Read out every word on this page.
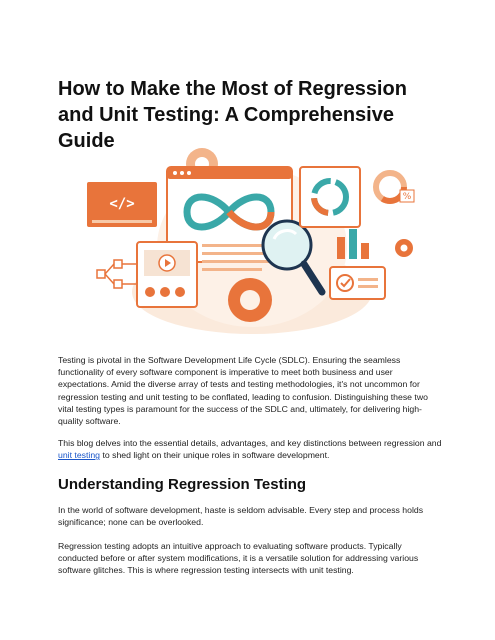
How to Make the Most of Regression and Unit Testing: A Comprehensive Guide
</>	%

Testing is pivotal in the Software Development Life Cycle (SDLC). Ensuring the seamless functionality of every software component is imperative to meet both business and user expectations. Amid the diverse array of tests and testing methodologies, it's not uncommon for regression testing and unit testing to be conflated, leading to confusion. Distinguishing these two vital testing types is paramount for the success of the SDLC and, ultimately, for delivering high-quality software.

This blog delves into the essential details, advantages, and key distinctions between regression and unit testing to shed light on their unique roles in software development.

Understanding Regression Testing

In the world of software development, haste is seldom advisable. Every step and process holds significance; none can be overlooked.

Regression testing adopts an intuitive approach to evaluating software products. Typically conducted before or after system modifications, it is a versatile solution for addressing various software glitches. This is where regression testing intersects with unit testing.
